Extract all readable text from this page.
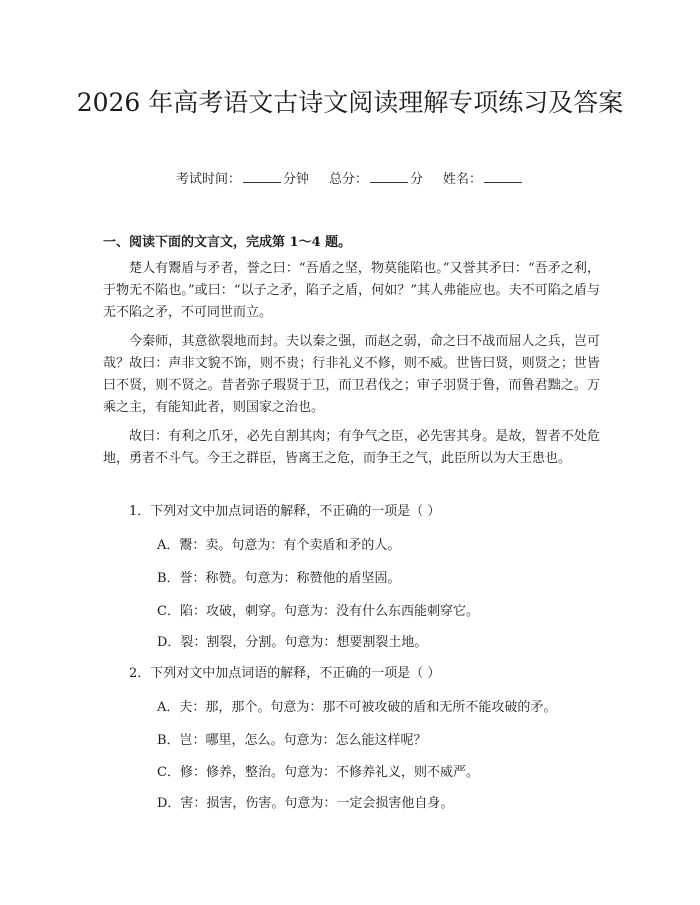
2026 年高考语文古诗文阅读理解专项练习及答案
考试时间：	分钟 总分：	分 姓名：

一、阅读下面的文言文，完成第 1～4 题。

楚人有鬻盾与矛者，誉之曰：“吾盾之坚，物莫能陷也。”又誉其矛曰：“吾矛之利，于物无不陷也。”或曰：“以子之矛，陷子之盾，何如？”其人弗能应也。夫不可陷之盾与无不陷之矛，不可同世而立。

今秦师，其意欲裂地而封。夫以秦之强，而赵之弱，命之曰不战而屈人之兵，岂可哉？故曰：声非文貌不饰，则不贵；行非礼义不修，则不威。世皆曰贤，则贤之；世皆曰不贤，则不贤之。昔者弥子瑕贤于卫，而卫君伐之；审子羽贤于鲁，而鲁君黜之。万乘之主，有能知此者，则国家之治也。

故曰：有利之爪牙，必先自割其肉；有争气之臣，必先害其身。是故，智者不处危地，勇者不斗气。今王之群臣，皆离王之危，而争王之气，此臣所以为大王患也。

1．下列对文中加点词语的解释，不正确的一项是（ ）

A．鬻：卖。句意为：有个卖盾和矛的人。

B．誉：称赞。句意为：称赞他的盾坚固。

C．陷：攻破，刺穿。句意为：没有什么东西能刺穿它。

D．裂：割裂，分割。句意为：想要割裂土地。

2．下列对文中加点词语的解释，不正确的一项是（ ）

A．夫：那，那个。句意为：那不可被攻破的盾和无所不能攻破的矛。

B．岂：哪里，怎么。句意为：怎么能这样呢？

C．修：修养，整治。句意为：不修养礼义，则不威严。

D．害：损害，伤害。句意为：一定会损害他自身。
